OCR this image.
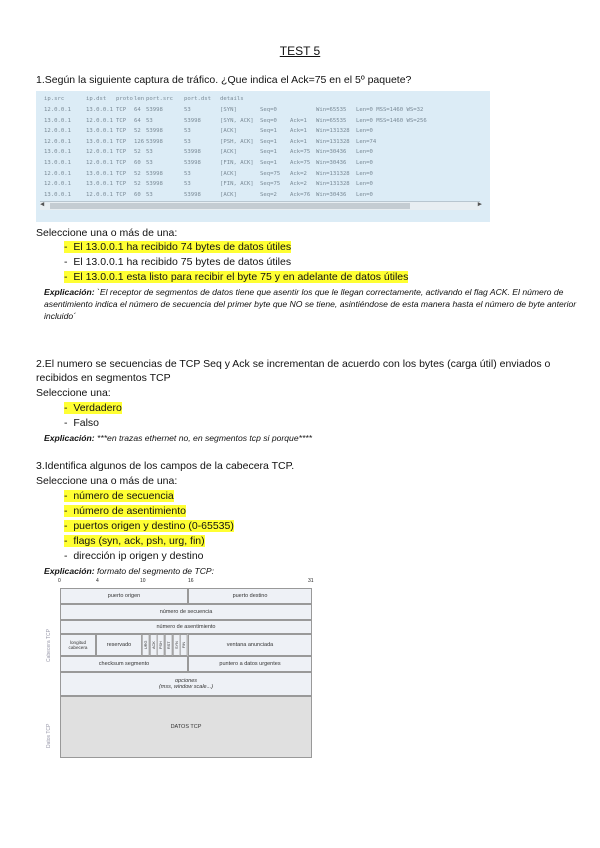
TEST 5
1.Según la siguiente captura de tráfico. ¿Que indica el Ack=75 en el 5º paquete?
ip.src	ip.dst protolen port.src port.dst details
12.0.0.1	13.0.0.1 TCP 64 53998	53	[SYN]	Seq=0	Win=65535 Len=0 MSS=1460 WS=32
13.0.0.1	12.0.0.1 TCP 64 53	53998	[SYN, ACK] Seq=0 Ack=1 Win=65535 Len=0 MSS=1460 WS=256
12.0.0.1	13.0.0.1 TCP 52 53998	53	[ACK]	Seq=1 Ack=1 Win=131328 Len=0
12.0.0.1	13.0.0.1 TCP 126 53998	53	[PSH, ACK] Seq=1 Ack=1 Win=131328 Len=74
13.0.0.1	12.0.0.1 TCP 52 53	53998	[ACK]	Seq=1 Ack=75 Win=30436 Len=0
13.0.0.1	12.0.0.1 TCP 60 53	53998	[FIN, ACK] Seq=1 Ack=75 Win=30436 Len=0
12.0.0.1	13.0.0.1 TCP 52 53998	53	[ACK]	Seq=75 Ack=2 Win=131328 Len=0
12.0.0.1	13.0.0.1 TCP 52 53998	53	[FIN, ACK] Seq=75 Ack=2 Win=131328 Len=0
13.0.0.1	12.0.0.1 TCP 60 53	53998	[ACK]	Seq=2 Ack=76 Win=30436 Len=0
◀	▶
Seleccione una o más de una:
-  El 13.0.0.1 ha recibido 74 bytes de datos útiles
-  El 13.0.0.1 ha recibido 75 bytes de datos útiles
-  El 13.0.0.1 esta listo para recibir el byte 75 y en adelante de datos útiles
Explicación: `El receptor de segmentos de datos tiene que asentir los que le llegan correctamente, activando el flag ACK. El número de asentimiento indica el número de secuencia del primer byte que NO se tiene, asintiéndose de esta manera hasta el número de byte anterior incluido´
2.El numero se secuencias de TCP Seq y Ack se incrementan de acuerdo con los bytes (carga útil) enviados o recibidos en segmentos TCP
Seleccione una:
-  Verdadero
-  Falso
Explicación: ***en trazas ethernet no, en segmentos tcp si porque****
3.Identifica algunos de los campos de la cabecera TCP.
Seleccione una o más de una:
-  número de secuencia
-  número de asentimiento
-  puertos origen y destino (0-65535)
-  flags (syn, ack, psh, urg, fin)
-  dirección ip origen y destino
Explicación: formato del segmento de TCP:
0	4	10	16	31
Cabecera TCP
Datos TCP
puerto origen	puerto destino
número de secuencia
número de asentimiento
longitud cabecera	reservado	URG ACK PSH RST SYN FIN	ventana anunciada
checksum segmento	puntero a datos urgentes
opciones
(mss, window scale...)
DATOS TCP
